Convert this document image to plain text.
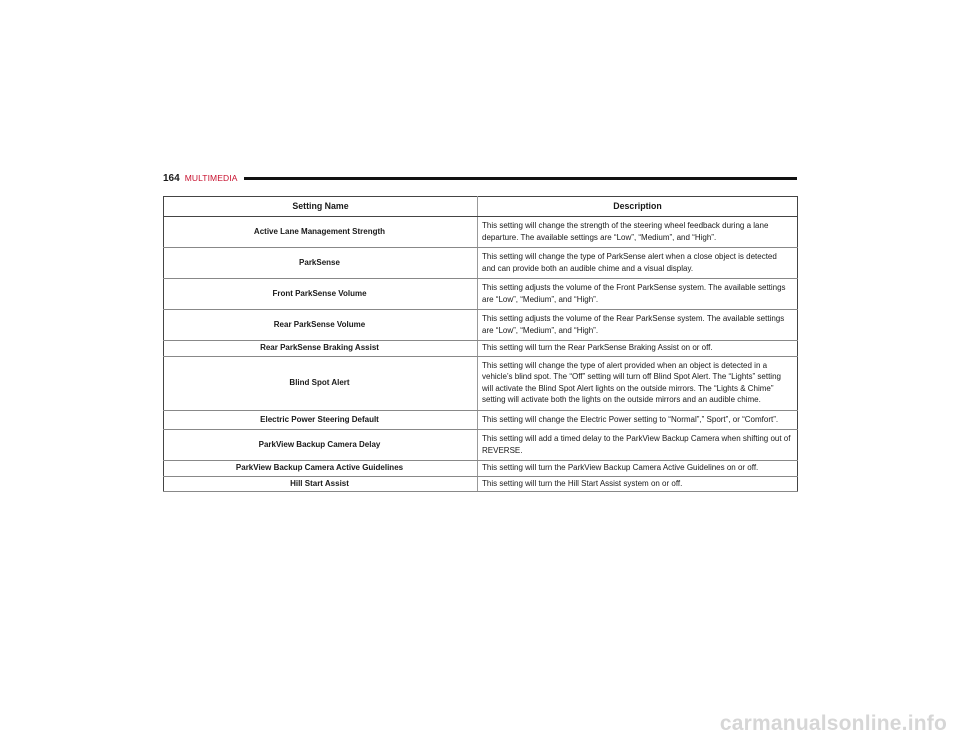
164 MULTIMEDIA
Setting Name	Description
Active Lane Management Strength	This setting will change the strength of the steering wheel feedback during a lane departure. The available settings are “Low”, “Medium”, and “High”.
ParkSense	This setting will change the type of ParkSense alert when a close object is detected and can provide both an audible chime and a visual display.
Front ParkSense Volume	This setting adjusts the volume of the Front ParkSense system. The available settings are “Low”, “Medium”, and “High”.
Rear ParkSense Volume	This setting adjusts the volume of the Rear ParkSense system. The available settings are “Low”, “Medium”, and “High”.
Rear ParkSense Braking Assist	This setting will turn the Rear ParkSense Braking Assist on or off.
Blind Spot Alert	This setting will change the type of alert provided when an object is detected in a vehicle’s blind spot. The “Off” setting will turn off Blind Spot Alert. The “Lights” setting will activate the Blind Spot Alert lights on the outside mirrors. The “Lights & Chime” setting will activate both the lights on the outside mirrors and an audible chime.
Electric Power Steering Default	This setting will change the Electric Power setting to “Normal”,” Sport”, or “Comfort”.
ParkView Backup Camera Delay	This setting will add a timed delay to the ParkView Backup Camera when shifting out of REVERSE.
ParkView Backup Camera Active Guidelines	This setting will turn the ParkView Backup Camera Active Guidelines on or off.
Hill Start Assist	This setting will turn the Hill Start Assist system on or off.
carmanualsonline.info
